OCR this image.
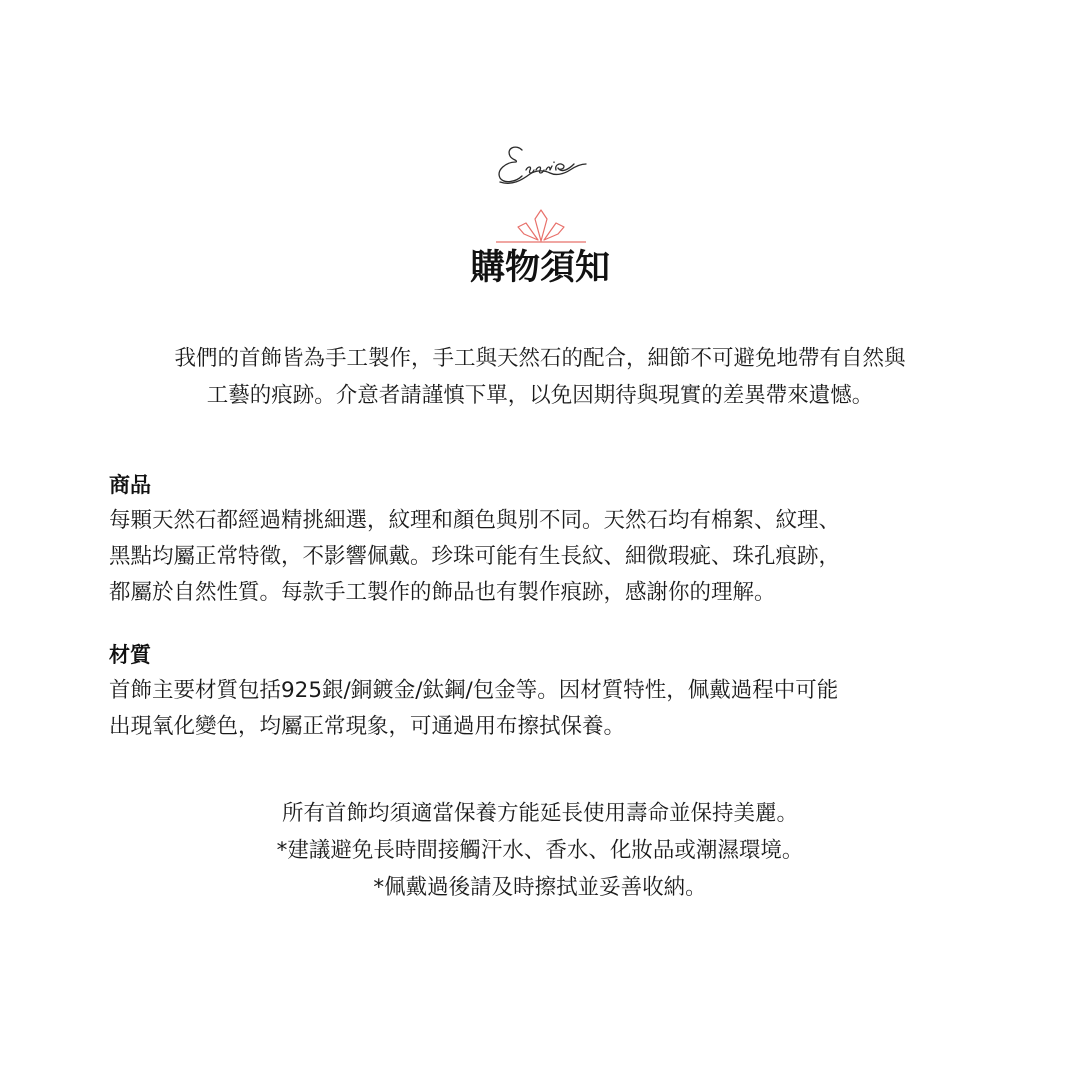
購物須知
我們的首飾皆為手工製作，手工與天然石的配合，細節不可避免地帶有自然與
工藝的痕跡。介意者請謹慎下單，以免因期待與現實的差異帶來遺憾。
商品
每顆天然石都經過精挑細選，紋理和顏色與別不同。天然石均有棉絮、紋理、
黑點均屬正常特徵，不影響佩戴。珍珠可能有生長紋、細微瑕疵、珠孔痕跡，
都屬於自然性質。每款手工製作的飾品也有製作痕跡，感謝你的理解。
材質
首飾主要材質包括925銀/銅鍍金/鈦鋼/包金等。因材質特性，佩戴過程中可能
出現氧化變色，均屬正常現象，可通過用布擦拭保養。
所有首飾均須適當保養方能延長使用壽命並保持美麗。
*建議避免長時間接觸汗水、香水、化妝品或潮濕環境。
*佩戴過後請及時擦拭並妥善收納。
